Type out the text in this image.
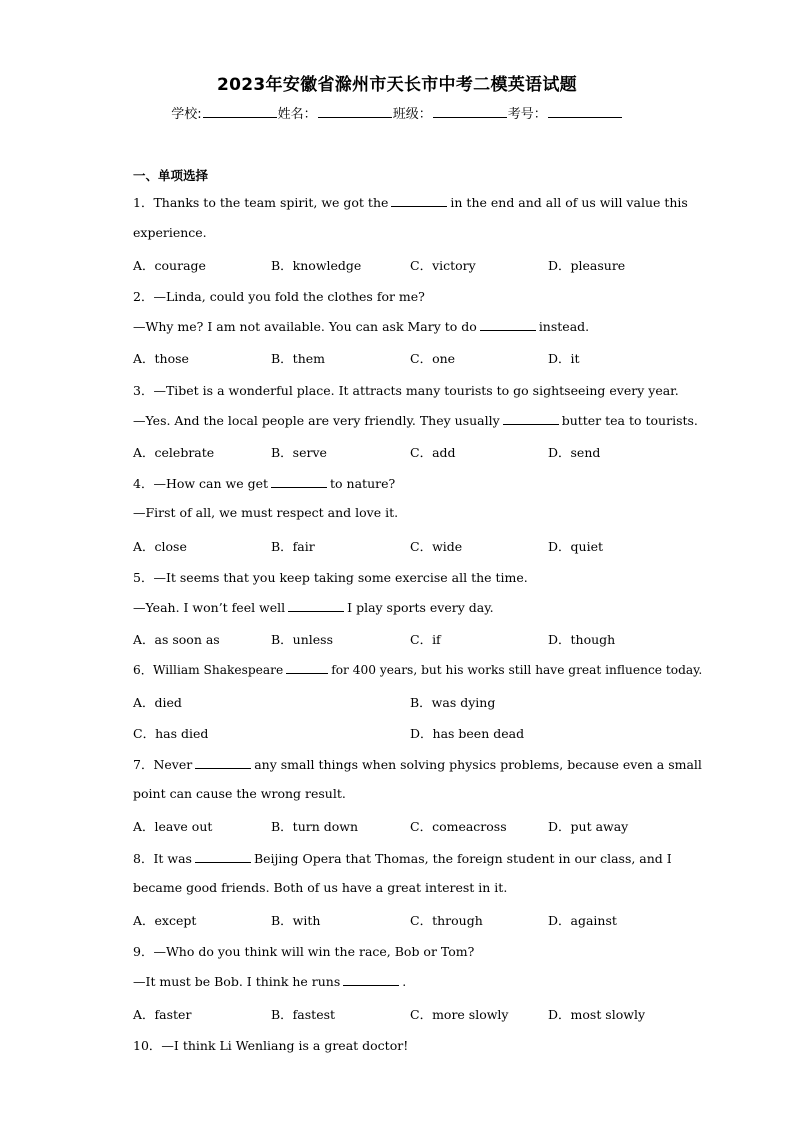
2023年安徽省滁州市天长市中考二模英语试题
学校:	姓名：	班级：	考号：
一、单项选择
1．Thanks to the team spirit, we got the	in the end and all of us will value this
experience.
A．courage	B．knowledge	C．victory	D．pleasure
2．—Linda, could you fold the clothes for me?
—Why me? I am not available. You can ask Mary to do	instead.
A．those	B．them	C．one	D．it
3．—Tibet is a wonderful place. It attracts many tourists to go sightseeing every year.
—Yes. And the local people are very friendly. They usually	butter tea to tourists.
A．celebrate	B．serve	C．add	D．send
4．—How can we get	to nature?
—First of all, we must respect and love it.
A．close	B．fair	C．wide	D．quiet
5．—It seems that you keep taking some exercise all the time.
—Yeah. I won’t feel well	I play sports every day.
A．as soon as	B．unless	C．if	D．though
6．William Shakespeare	for 400 years, but his works still have great influence today.
A．died	B．was dying
C．has died	D．has been dead
7．Never	any small things when solving physics problems, because even a small
point can cause the wrong result.
A．leave out	B．turn down	C．comeacross	D．put away
8．It was	Beijing Opera that Thomas, the foreign student in our class, and I
became good friends. Both of us have a great interest in it.
A．except	B．with	C．through	D．against
9．—Who do you think will win the race, Bob or Tom?
—It must be Bob. I think he runs	.
A．faster	B．fastest	C．more slowly	D．most slowly
10．—I think Li Wenliang is a great doctor!
